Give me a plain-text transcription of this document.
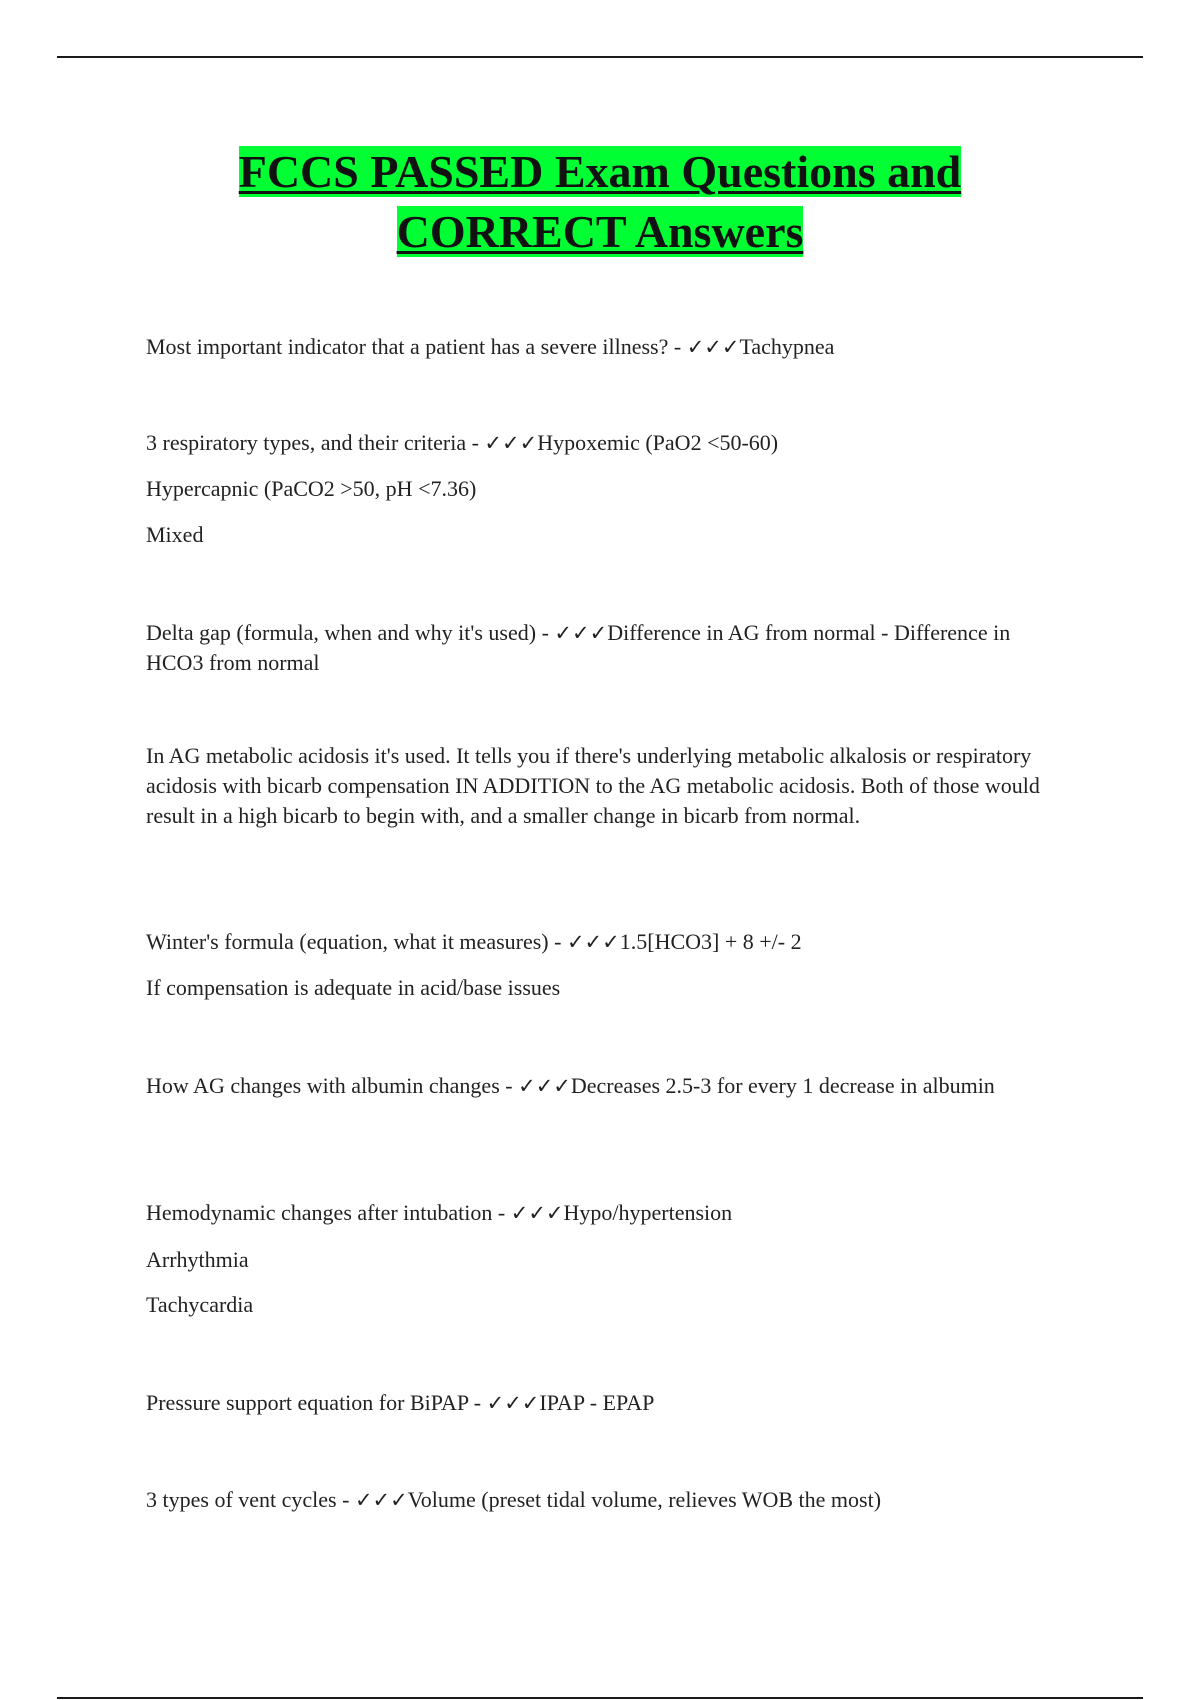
FCCS PASSED Exam Questions and
CORRECT Answers

Most important indicator that a patient has a severe illness? - ✓✓✓Tachypnea

3 respiratory types, and their criteria - ✓✓✓Hypoxemic (PaO2 <50-60)

Hypercapnic (PaCO2 >50, pH <7.36)

Mixed

Delta gap (formula, when and why it's used) - ✓✓✓Difference in AG from normal - Difference in HCO3 from normal

In AG metabolic acidosis it's used. It tells you if there's underlying metabolic alkalosis or respiratory acidosis with bicarb compensation IN ADDITION to the AG metabolic acidosis. Both of those would result in a high bicarb to begin with, and a smaller change in bicarb from normal.

Winter's formula (equation, what it measures) - ✓✓✓1.5[HCO3] + 8 +/- 2

If compensation is adequate in acid/base issues

How AG changes with albumin changes - ✓✓✓Decreases 2.5-3 for every 1 decrease in albumin

Hemodynamic changes after intubation - ✓✓✓Hypo/hypertension

Arrhythmia

Tachycardia

Pressure support equation for BiPAP - ✓✓✓IPAP - EPAP

3 types of vent cycles - ✓✓✓Volume (preset tidal volume, relieves WOB the most)
